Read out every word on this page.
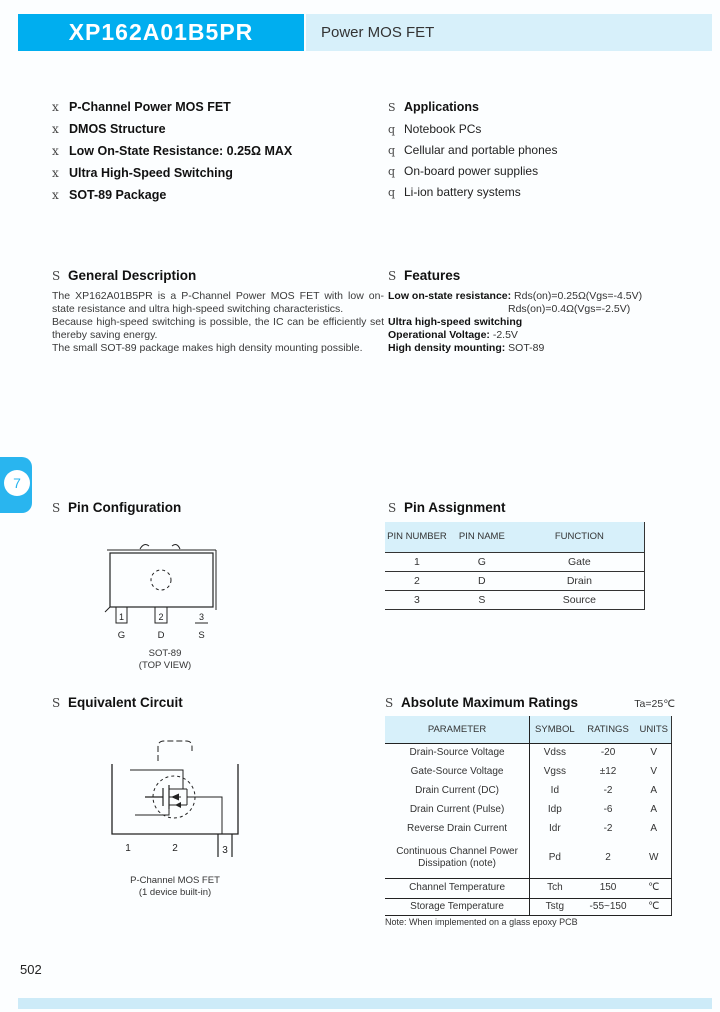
XP162A01B5PR	Power MOS FET
x P-Channel Power MOS FET
x DMOS Structure
x Low On-State Resistance: 0.25Ω MAX
x Ultra High-Speed Switching
x SOT-89 Package
S Applications
q Notebook PCs
q Cellular and portable phones
q On-board power supplies
q Li-ion battery systems
S General Description

The XP162A01B5PR is a P-Channel Power MOS FET with low on-state resistance and ultra high-speed switching characteristics.

Because high-speed switching is possible, the IC can be efficiently set thereby saving energy.

The small SOT-89 package makes high density mounting possible.

S Features
Low on-state resistance: Rds(on)=0.25Ω(Vgs=-4.5V)
Rds(on)=0.4Ω(Vgs=-2.5V)
Ultra high-speed switching
Operational Voltage: -2.5V
High density mounting: SOT-89
7
S Pin Configuration
1	2	3
G	D	S
SOT-89
(TOP VIEW)
S Pin Assignment
PIN NUMBER	PIN NAME	FUNCTION
1	G	Gate
2	D	Drain
3	S	Source
S Equivalent Circuit
1	2	3
P-Channel MOS FET
(1 device built-in)
S Absolute Maximum Ratings	Ta=25℃
PARAMETER	SYMBOL	RATINGS	UNITS
Drain-Source Voltage	Vdss	-20	V
Gate-Source Voltage	Vgss	±12	V
Drain Current (DC)	Id	-2	A
Drain Current (Pulse)	Idp	-6	A
Reverse Drain Current	Idr	-2	A
Continuous Channel Power Dissipation (note)	Pd	2	W
Channel Temperature	Tch	150	℃
Storage Temperature	Tstg	-55~150	℃
Note: When implemented on a glass epoxy PCB
502
